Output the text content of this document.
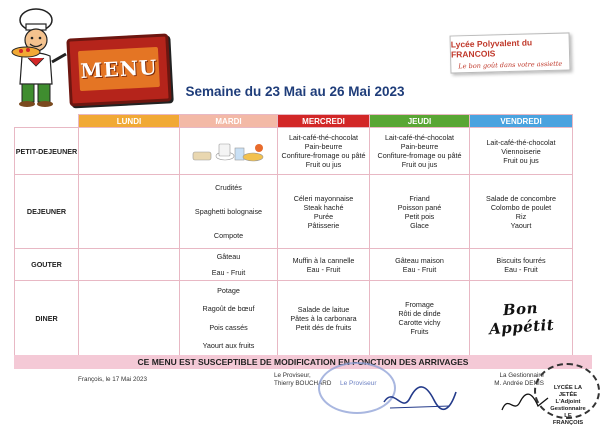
MENU
Lycée Polyvalent du FRANCOIS
Le bon goût dans votre assiette
Semaine du 23 Mai au 26 Mai 2023
	LUNDI	MARDI	MERCREDI	JEUDI	VENDREDI
PETIT-DEJEUNER			Lait-café-thé-chocolat
Pain-beurre
Confiture-fromage ou pâté
Fruit ou jus	Lait-café-thé-chocolat
Pain-beurre
Confiture-fromage ou pâté
Fruit ou jus	Lait-café-thé-chocolat
Viennoiserie
Fruit ou jus

DEJEUNER		Crudités
Spaghetti bolognaise
Compote	Céleri mayonnaise
Steak haché
Purée
Pâtisserie	Friand
Poisson pané
Petit pois
Glace	Salade de concombre
Colombo de poulet
Riz
Yaourt

GOUTER		Gâteau
Eau - Fruit	Muffin à la cannelle
Eau - Fruit	Gâteau maison
Eau - Fruit	Biscuits fourrés
Eau - Fruit

DINER		Potage
Ragoût de bœuf
Pois cassés
Yaourt aux fruits	Salade de laitue
Pâtes à la carbonara
Petit dés de fruits	Fromage
Rôti de dinde
Carotte vichy
Fruits	Bon Appétit
CE MENU EST SUSCEPTIBLE DE MODIFICATION EN FONCTION DES ARRIVAGES
François, le 17 Mai 2023
Le Proviseur,
Thierry BOUCHARD Le Proviseur
La Gestionnaire
M. Andrée DENIS
LYCÉE LA JETÉE
L'Adjoint Gestionnaire
LE FRANÇOIS
